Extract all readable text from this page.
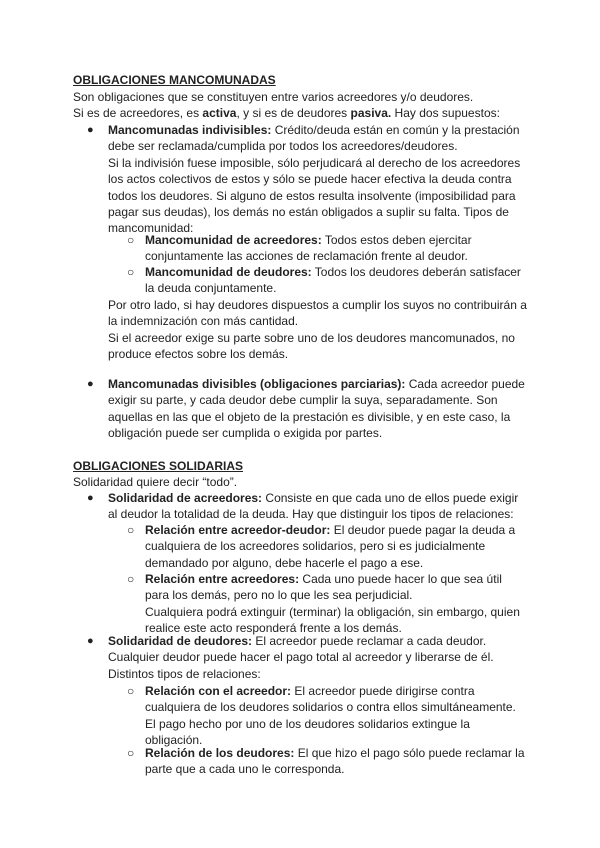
OBLIGACIONES MANCOMUNADAS
Son obligaciones que se constituyen entre varios acreedores y/o deudores.
Si es de acreedores, es activa, y si es de deudores pasiva. Hay dos supuestos:
● Mancomunadas indivisibles: Crédito/deuda están en común y la prestación debe ser reclamada/cumplida por todos los acreedores/deudores.

Si la indivisión fuese imposible, sólo perjudicará al derecho de los acreedores los actos colectivos de estos y sólo se puede hacer efectiva la deuda contra todos los deudores. Si alguno de estos resulta insolvente (imposibilidad para pagar sus deudas), los demás no están obligados a suplir su falta. Tipos de mancomunidad:

○ Mancomunidad de acreedores: Todos estos deben ejercitar conjuntamente las acciones de reclamación frente al deudor.

○ Mancomunidad de deudores: Todos los deudores deberán satisfacer la deuda conjuntamente.

Por otro lado, si hay deudores dispuestos a cumplir los suyos no contribuirán a la indemnización con más cantidad.

Si el acreedor exige su parte sobre uno de los deudores mancomunados, no produce efectos sobre los demás.

● Mancomunadas divisibles (obligaciones parciarias): Cada acreedor puede exigir su parte, y cada deudor debe cumplir la suya, separadamente. Son aquellas en las que el objeto de la prestación es divisible, y en este caso, la obligación puede ser cumplida o exigida por partes.

OBLIGACIONES SOLIDARIAS
Solidaridad quiere decir “todo”.
● Solidaridad de acreedores: Consiste en que cada uno de ellos puede exigir al deudor la totalidad de la deuda. Hay que distinguir los tipos de relaciones:

○ Relación entre acreedor-deudor: El deudor puede pagar la deuda a cualquiera de los acreedores solidarios, pero si es judicialmente demandado por alguno, debe hacerle el pago a ese.

○ Relación entre acreedores: Cada uno puede hacer lo que sea útil para los demás, pero no lo que les sea perjudicial.

Cualquiera podrá extinguir (terminar) la obligación, sin embargo, quien realice este acto responderá frente a los demás.

● Solidaridad de deudores: El acreedor puede reclamar a cada deudor. Cualquier deudor puede hacer el pago total al acreedor y liberarse de él. Distintos tipos de relaciones:

○ Relación con el acreedor: El acreedor puede dirigirse contra cualquiera de los deudores solidarios o contra ellos simultáneamente.

El pago hecho por uno de los deudores solidarios extingue la obligación.

○ Relación de los deudores: El que hizo el pago sólo puede reclamar la parte que a cada uno le corresponda.
